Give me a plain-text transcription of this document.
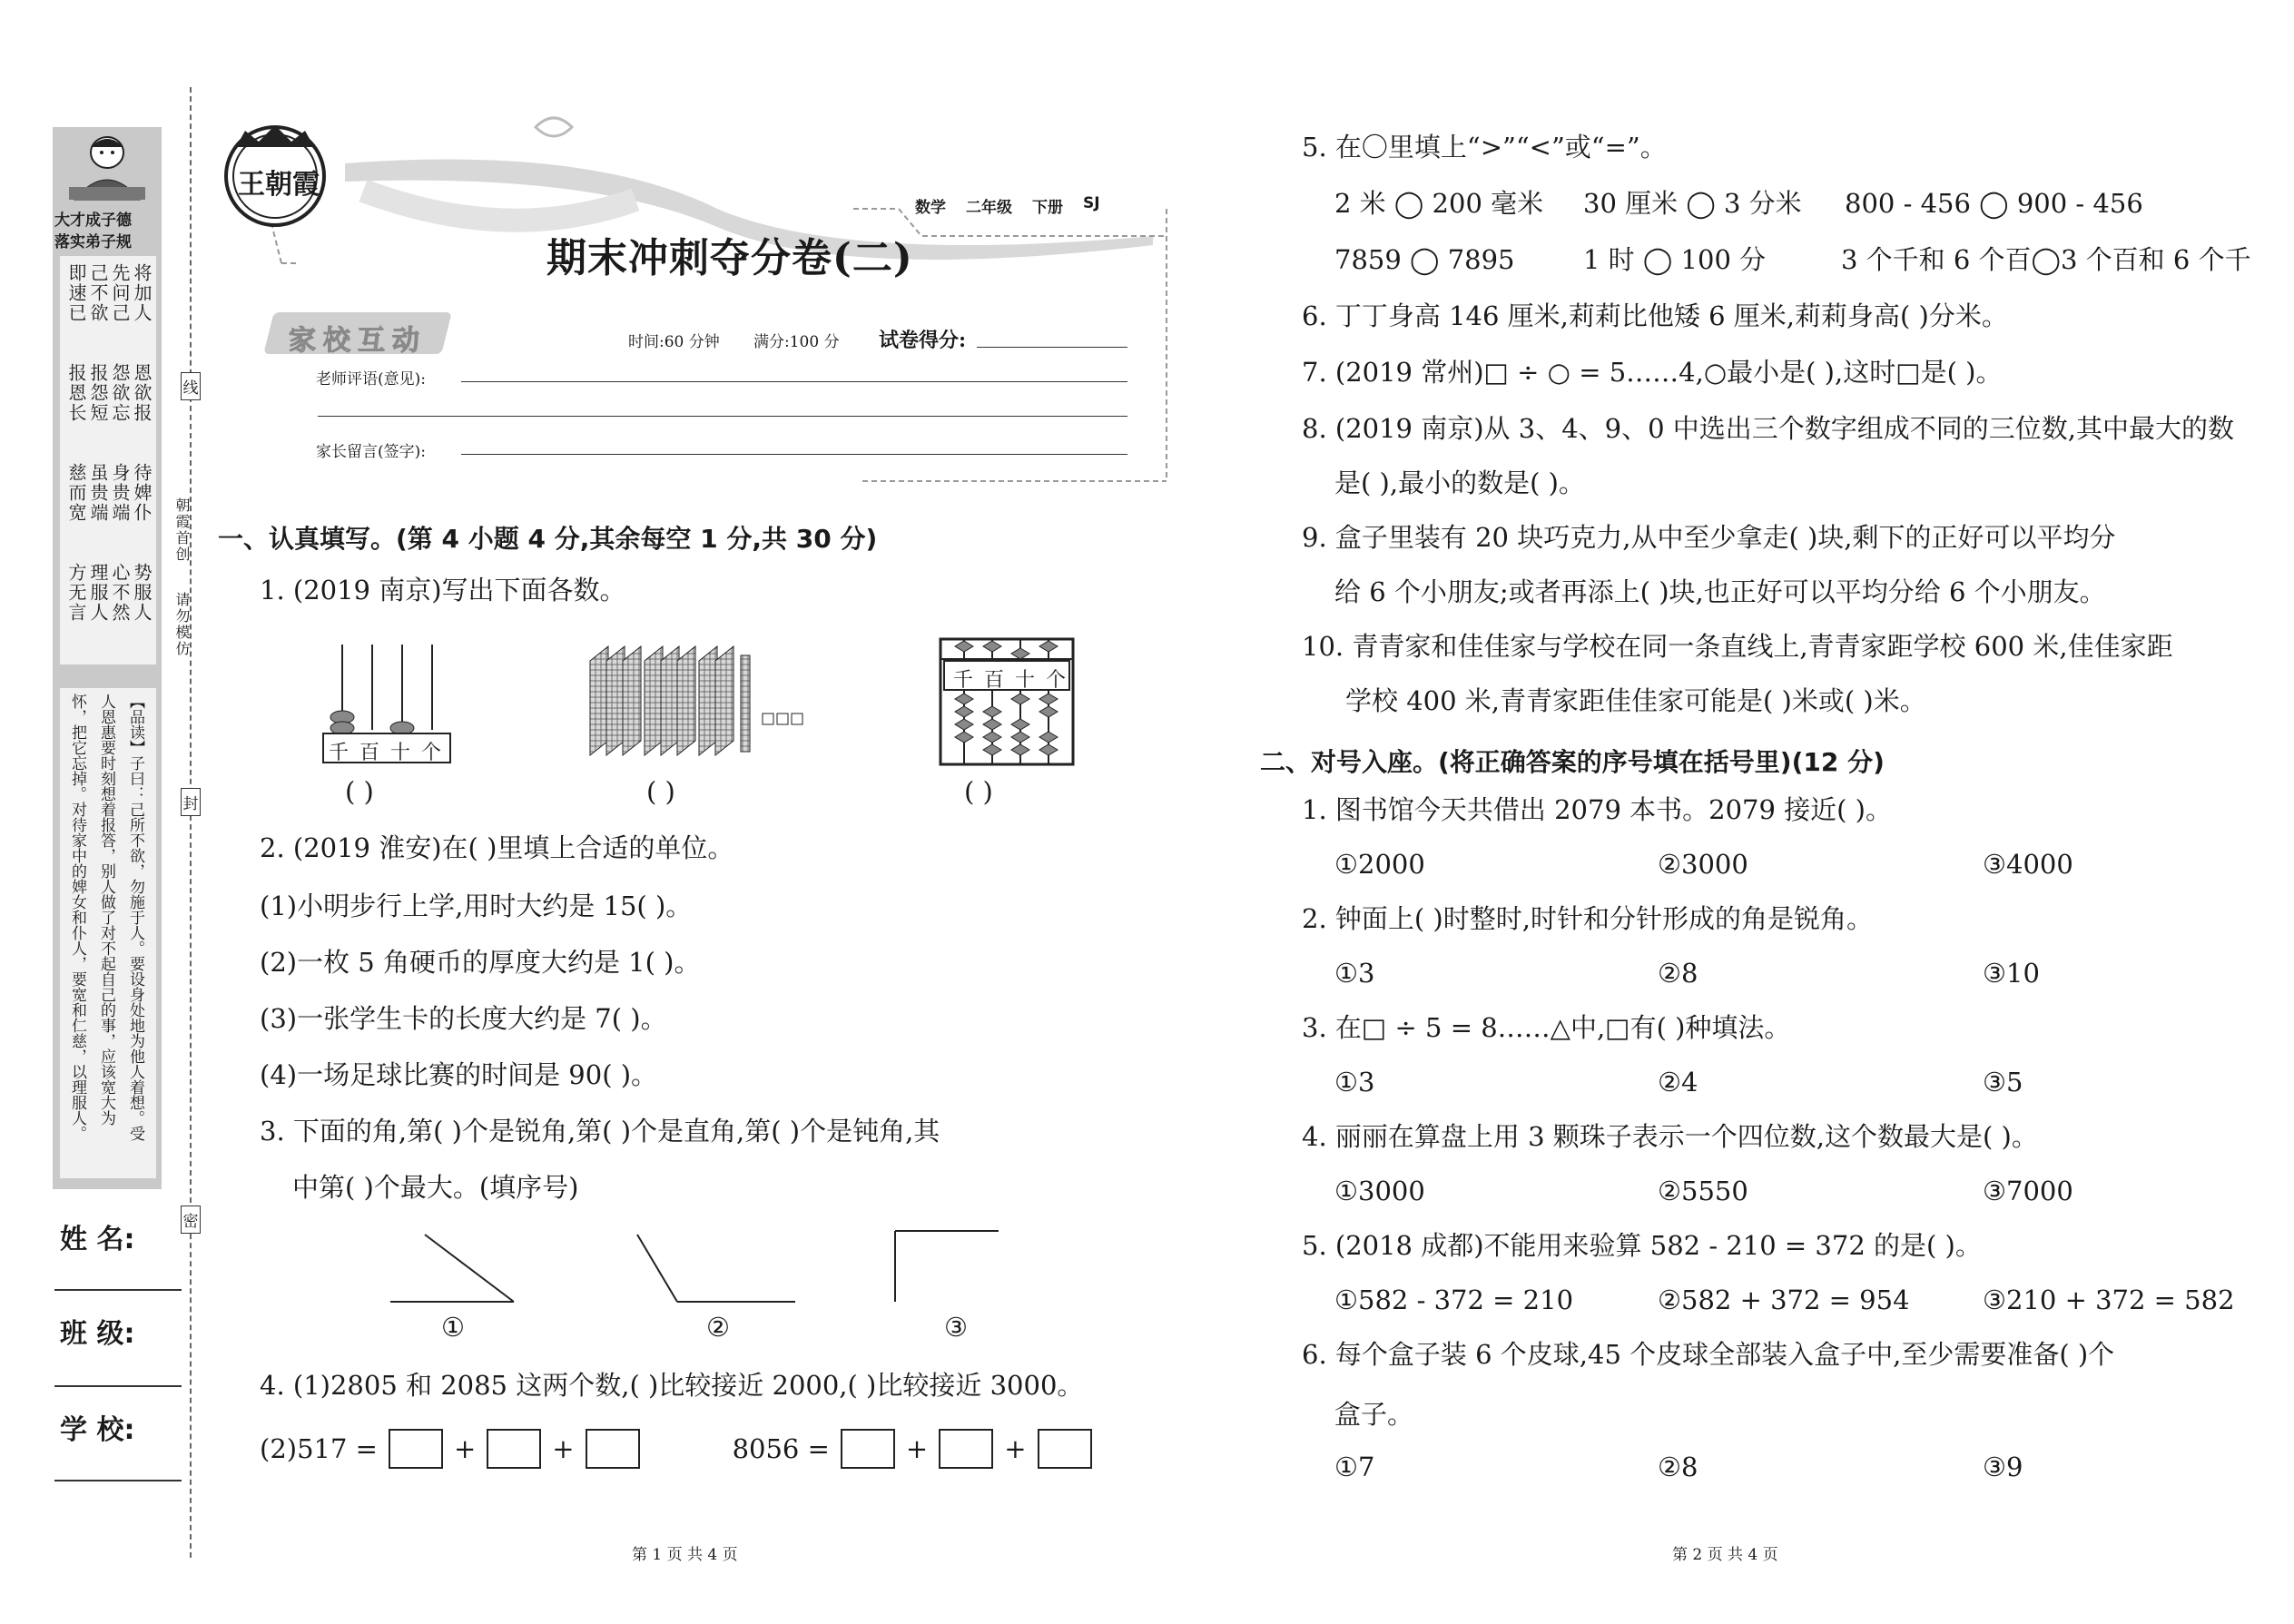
大才成子德
落实弟子规
将加人
先问己
己不欲
即速已
恩欲报
怨欲忘
报怨短
报恩长
待婢仆
身贵端
虽贵端
慈而宽
势服人
心不然
理服人
方无言
【品读】子曰：己所不欲，勿施于人。要设身处地为他人着想。受
人恩惠要时刻想着报答，别人做了对不起自己的事，应该宽大为
怀，把它忘掉。对待家中的婢女和仆人，要宽和仁慈，以理服人。
姓 名:
班 级:
学 校:
线
封
密
朝霞首创
请勿模仿
王朝霞
数学 二年级 下册 SJ
期末冲刺夺分卷(二)
家校互动	时间:60 分钟 满分:100 分 试卷得分:
老师评语(意见):
家长留言(签字):
一、认真填写。(第 4 小题 4 分,其余每空 1 分,共 30 分)
1. (2019 南京)写出下面各数。
千 百 十 个
( )	( )
千 百 十 个
( )
2. (2019 淮安)在( )里填上合适的单位。
(1)小明步行上学,用时大约是 15( )。
(2)一枚 5 角硬币的厚度大约是 1( )。
(3)一张学生卡的长度大约是 7( )。
(4)一场足球比赛的时间是 90( )。
3. 下面的角,第( )个是锐角,第( )个是直角,第( )个是钝角,其
中第( )个最大。(填序号)
①	②	③
4. (1)2805 和 2085 这两个数,( )比较接近 2000,( )比较接近 3000。
(2)517 =	+	+	8056 =	+	+
第 1 页 共 4 页
5. 在〇里填上“>”“<”或“=”。
2 米 ◯ 200 毫米 30 厘米 ◯ 3 分米 800 - 456 ◯ 900 - 456
7859 ◯ 7895	1 时 ◯ 100 分	3 个千和 6 个百◯3 个百和 6 个千
6. 丁丁身高 146 厘米,莉莉比他矮 6 厘米,莉莉身高( )分米。
7. (2019 常州)□ ÷ ○ = 5……4,○最小是( ),这时□是( )。
8. (2019 南京)从 3、4、9、0 中选出三个数字组成不同的三位数,其中最大的数
是( ),最小的数是( )。
9. 盒子里装有 20 块巧克力,从中至少拿走( )块,剩下的正好可以平均分
给 6 个小朋友;或者再添上( )块,也正好可以平均分给 6 个小朋友。
10. 青青家和佳佳家与学校在同一条直线上,青青家距学校 600 米,佳佳家距
学校 400 米,青青家距佳佳家可能是( )米或( )米。
二、对号入座。(将正确答案的序号填在括号里)(12 分)
1. 图书馆今天共借出 2079 本书。2079 接近( )。
①2000	②3000	③4000
2. 钟面上( )时整时,时针和分针形成的角是锐角。
①3	②8	③10
3. 在□ ÷ 5 = 8……△中,□有( )种填法。
①3	②4	③5
4. 丽丽在算盘上用 3 颗珠子表示一个四位数,这个数最大是( )。
①3000	②5550	③7000
5. (2018 成都)不能用来验算 582 - 210 = 372 的是( )。
①582 - 372 = 210	②582 + 372 = 954	③210 + 372 = 582
6. 每个盒子装 6 个皮球,45 个皮球全部装入盒子中,至少需要准备( )个
①7	②8	③9
盒子。
第 2 页 共 4 页
